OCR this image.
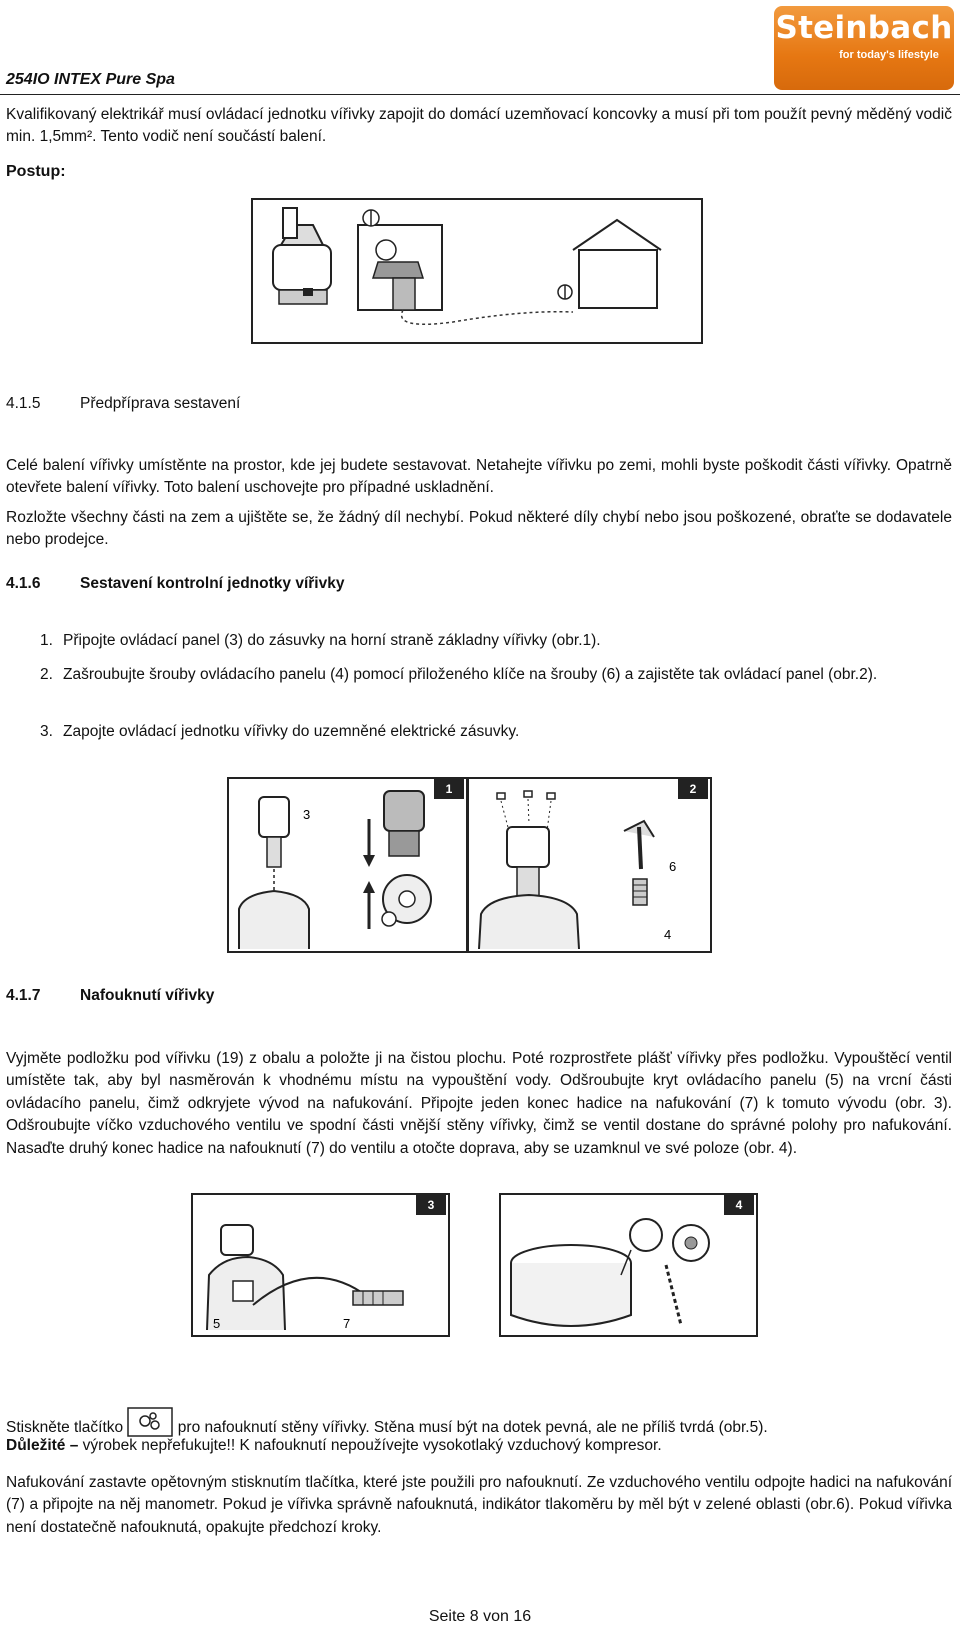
254IO INTEX Pure Spa
Steinbach
for today's lifestyle

Kvalifikovaný elektrikář musí ovládací jednotku vířivky zapojit do domácí uzemňovací koncovky a musí při tom použít pevný měděný vodič min. 1,5mm². Tento vodič není součástí balení.

Postup:

4.1.5	Předpříprava sestavení

Celé balení vířivky umístěnte na prostor, kde jej budete sestavovat. Netahejte vířivku po zemi, mohli byste poškodit části vířivky. Opatrně otevřete balení vířivky. Toto balení uschovejte pro případné uskladnění.

Rozložte všechny části na zem a ujištěte se, že žádný díl nechybí. Pokud některé díly chybí nebo jsou poškozené, obraťte se dodavatele nebo prodejce.

4.1.6	Sestavení kontrolní jednotky vířivky
1. Připojte ovládací panel (3) do zásuvky na horní straně základny vířivky (obr.1).
2. Zašroubujte šrouby ovládacího panelu (4) pomocí přiloženého klíče na šrouby (6) a zajistěte tak ovládací panel (obr.2).
3. Zapojte ovládací jednotku vířivky do uzemněné elektrické zásuvky.
1
3
2
6
4
4.1.7	Nafouknutí vířivky

Vyjměte podložku pod vířivku (19) z obalu a položte ji na čistou plochu. Poté rozprostřete plášť vířivky přes podložku. Vypouštěcí ventil umístěte tak, aby byl nasměrován k vhodnému místu na vypouštění vody. Odšroubujte kryt ovládacího panelu (5) na vrcní části ovládacího panelu, čimž odkryjete vývod na nafukování. Připojte jeden konec hadice na nafukování (7) k tomuto vývodu (obr. 3). Odšroubujte víčko vzduchového ventilu ve spodní části vnější stěny vířivky, čimž se ventil dostane do správné polohy pro nafukování. Nasaďte druhý konec hadice na nafouknutí (7) do ventilu a otočte doprava, aby se uzamknul ve své poloze (obr. 4).

3
5	7
4
Stiskněte tlačítko	pro nafouknutí stěny vířivky. Stěna musí být na dotek pevná, ale ne příliš tvrdá (obr.5).
Důležité – výrobek nepřefukujte!! K nafouknutí nepoužívejte vysokotlaký vzduchový kompresor.

Nafukování zastavte opětovným stisknutím tlačítka, které jste použili pro nafouknutí. Ze vzduchového ventilu odpojte hadici na nafukování (7) a připojte na něj manometr. Pokud je vířivka správně nafouknutá, indikátor tlakoměru by měl být v zelené oblasti (obr.6). Pokud vířivka není dostatečně nafouknutá, opakujte předchozí kroky.

Seite 8 von 16
